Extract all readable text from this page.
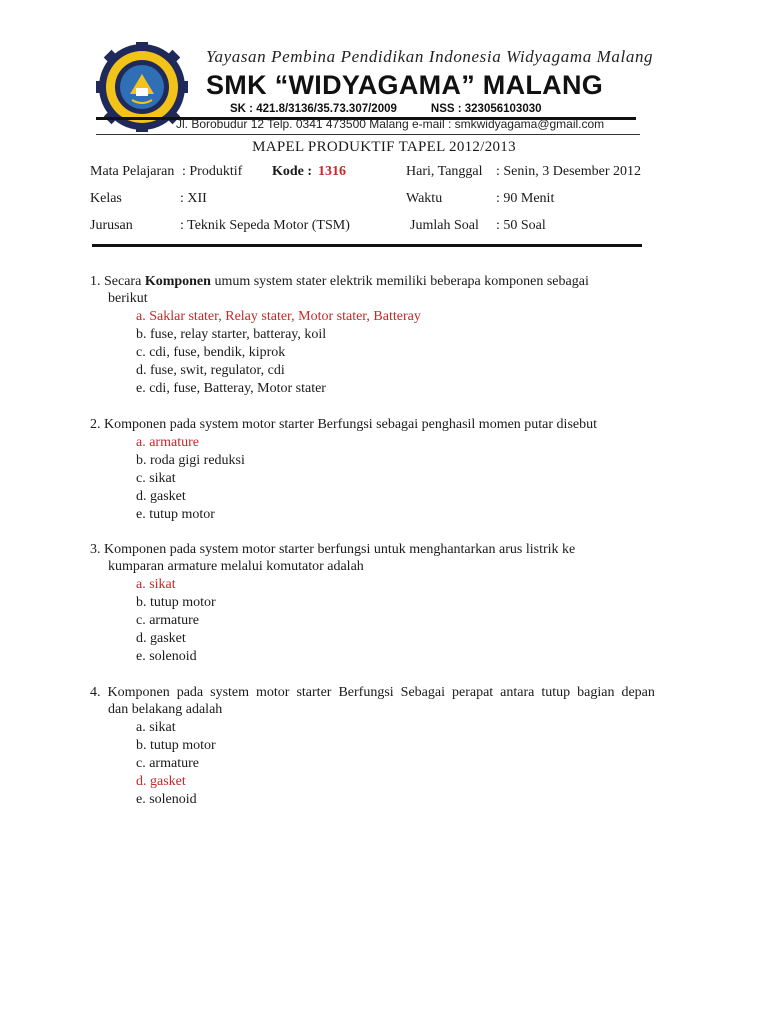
Yayasan Pembina Pendidikan Indonesia Widyagama Malang
SMK “WIDYAGAMA” MALANG
SK : 421.8/3136/35.73.307/2009	NSS : 323056103030
Jl. Borobudur 12 Telp. 0341 473500 Malang e-mail : smkwidyagama@gmail.com
MAPEL PRODUKTIF TAPEL 2012/2013
Mata Pelajaran : Produktif Kode : 1316	Hari, Tanggal : Senin, 3 Desember 2012
Kelas	: XII	Waktu	: 90 Menit
Jurusan	: Teknik Sepeda Motor (TSM)	Jumlah Soal : 50 Soal
1. Secara Komponen umum system stater elektrik memiliki beberapa komponen sebagai
berikut
a. Saklar stater, Relay stater, Motor stater, Batteray
b. fuse, relay starter, batteray, koil
c. cdi, fuse, bendik, kiprok
d. fuse, swit, regulator, cdi
e. cdi, fuse, Batteray, Motor stater
2. Komponen pada system motor starter Berfungsi sebagai penghasil momen putar disebut
a. armature
b. roda gigi reduksi
c. sikat
d. gasket
e. tutup motor
3. Komponen pada system motor starter berfungsi untuk menghantarkan arus listrik ke
kumparan armature melalui komutator adalah
a. sikat
b. tutup motor
c. armature
d. gasket
e. solenoid
4.  Komponen  pada  system  motor  starter  Berfungsi  Sebagai  perapat  antara  tutup  bagian  depan
dan belakang adalah
a. sikat
b. tutup motor
c. armature
d. gasket
e. solenoid
